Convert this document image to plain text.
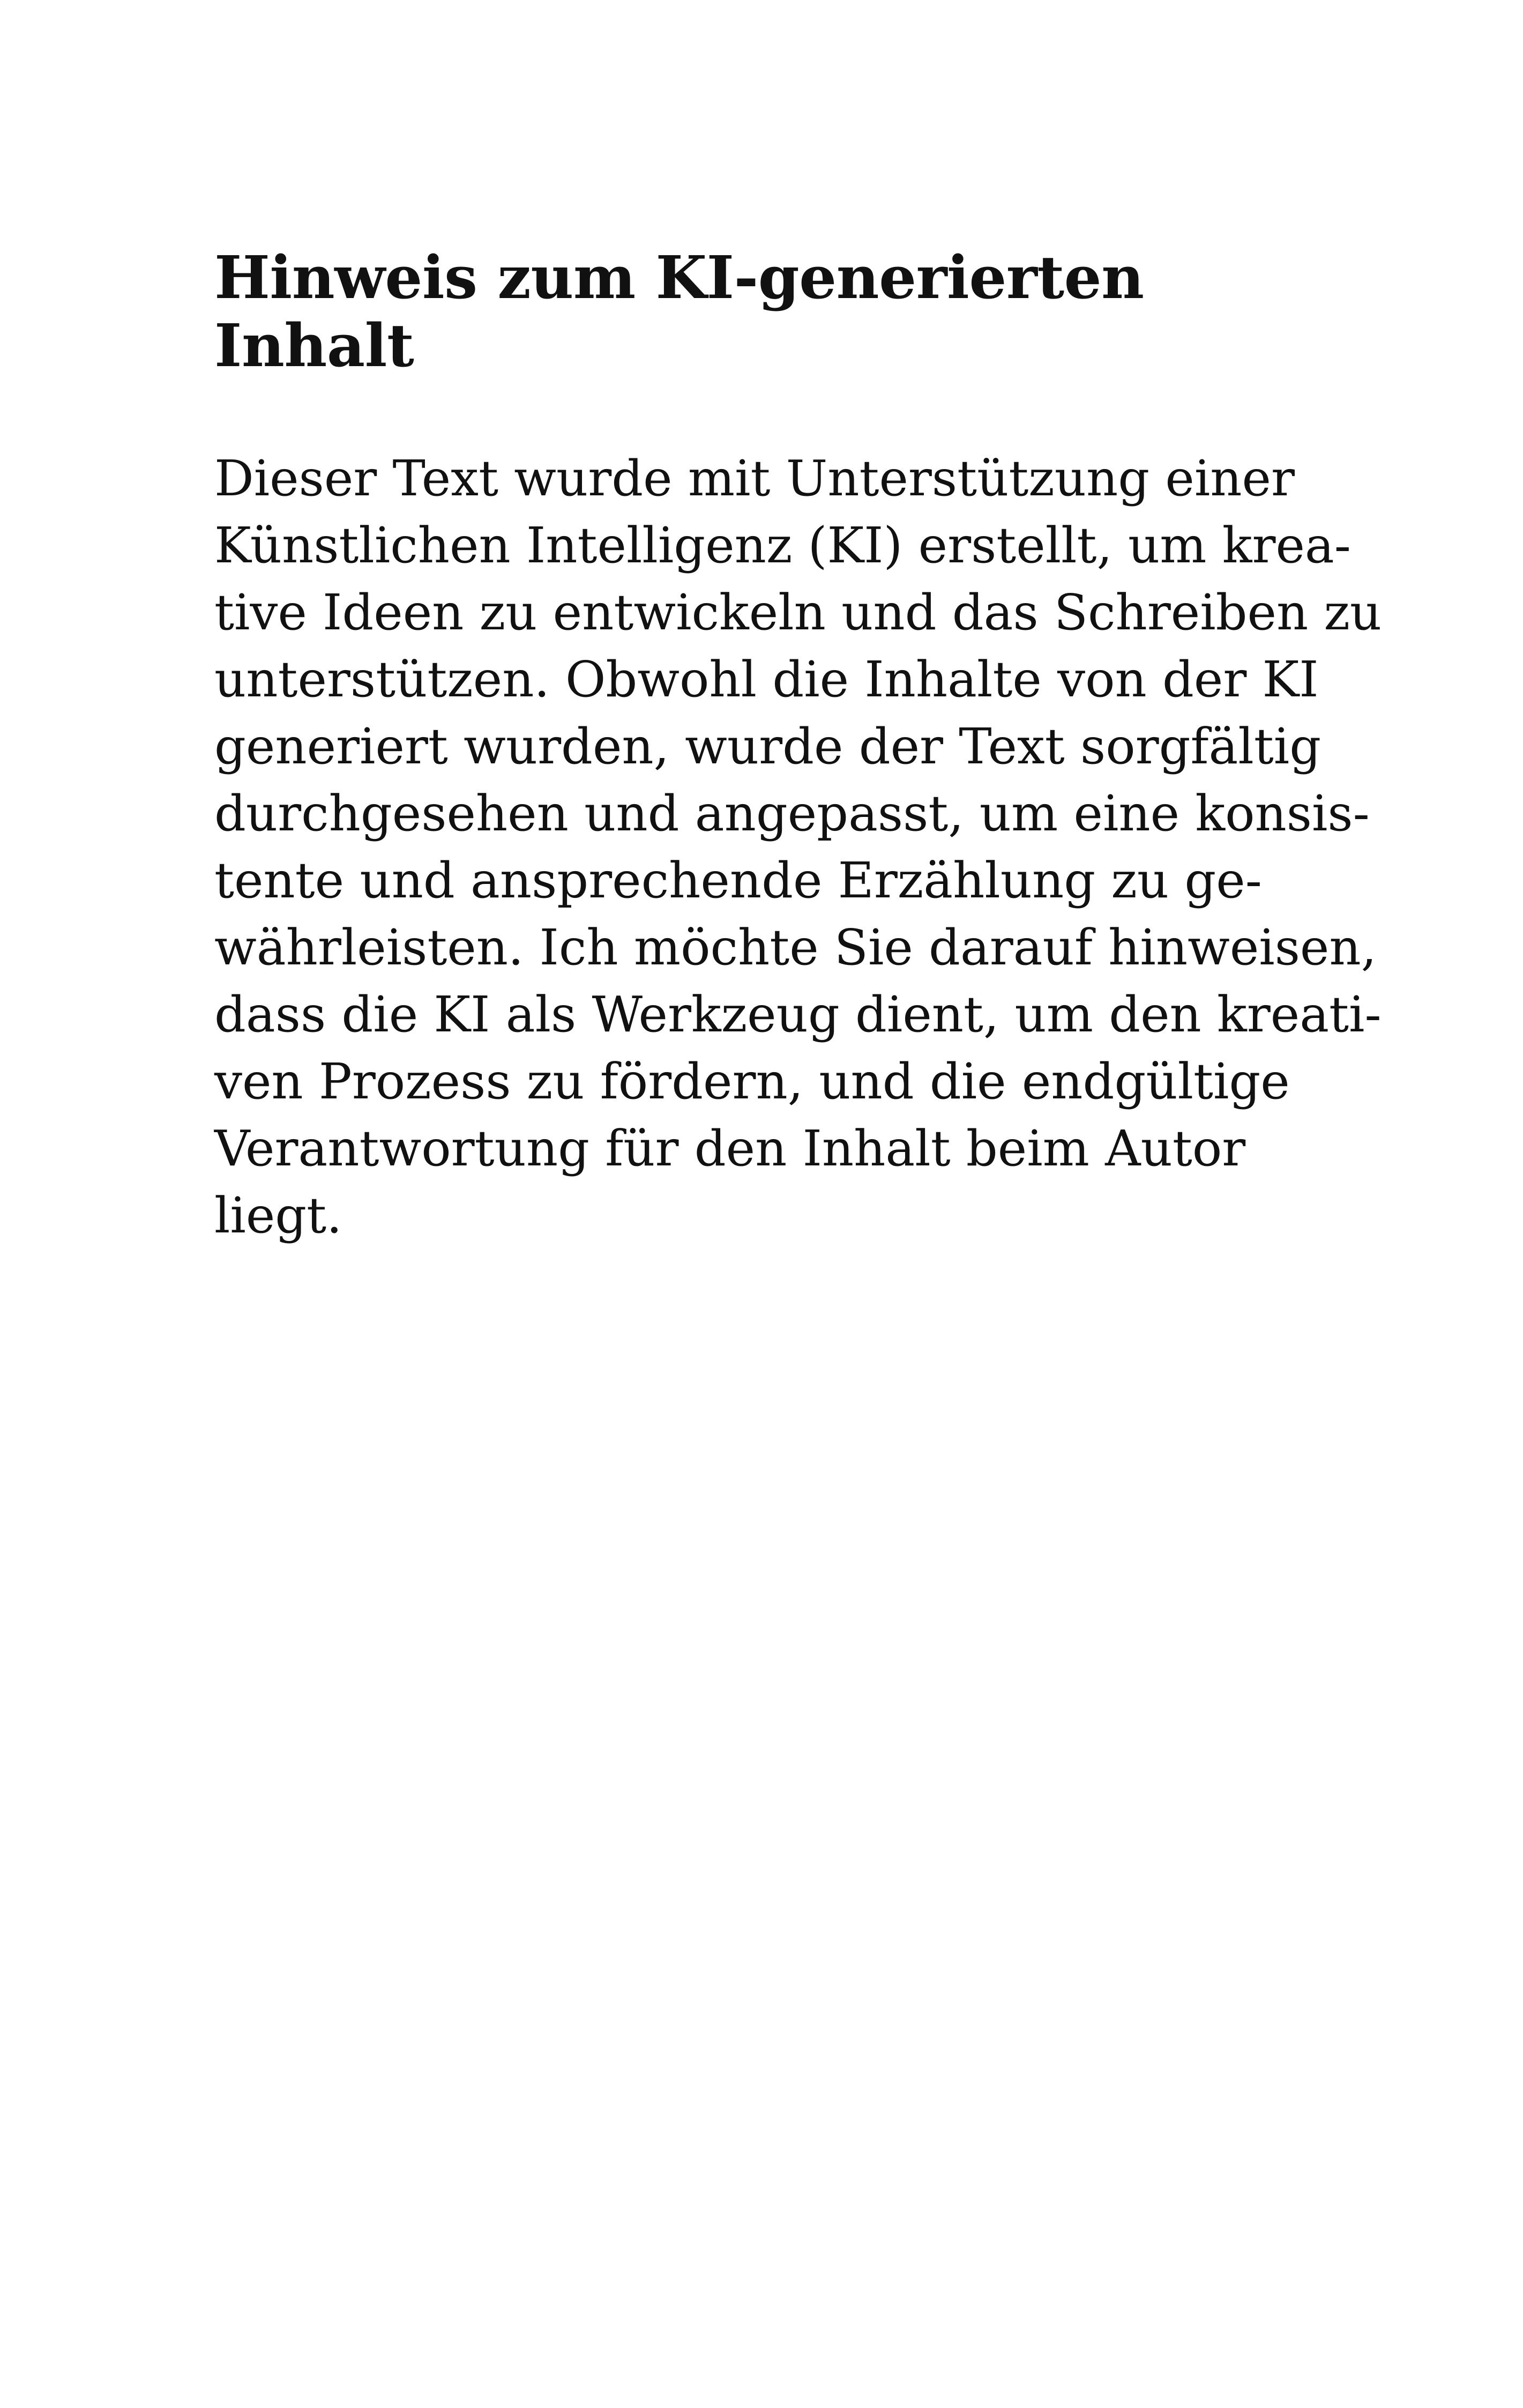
Hinweis zum KI-generierten Inhalt

Dieser Text wurde mit Unterstützung einer
Künstlichen Intelligenz (KI) erstellt, um krea-
tive Ideen zu entwickeln und das Schreiben zu
unterstützen. Obwohl die Inhalte von der KI
generiert wurden, wurde der Text sorgfältig
durchgesehen und angepasst, um eine konsis-
tente und ansprechende Erzählung zu ge-
währleisten. Ich möchte Sie darauf hinweisen,
dass die KI als Werkzeug dient, um den kreati-
ven Prozess zu fördern, und die endgültige
Verantwortung für den Inhalt beim Autor
liegt.
